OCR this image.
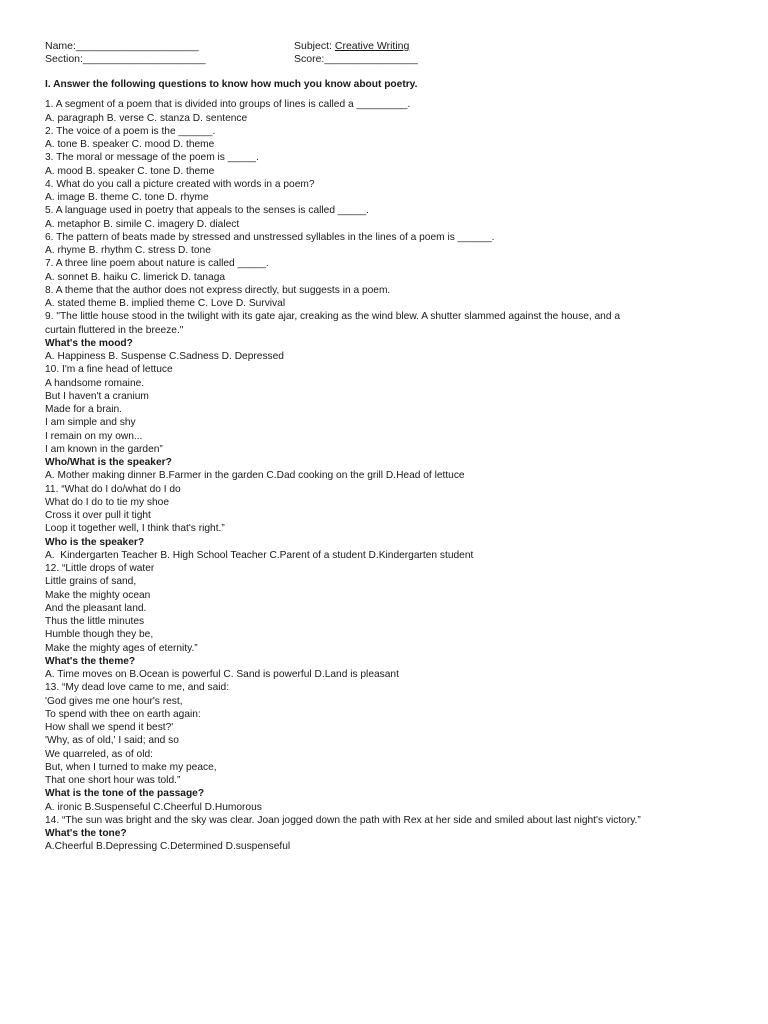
Name:_____________________
Section:_____________________
Subject: Creative Writing
Score:________________
I. Answer the following questions to know how much you know about poetry.
1. A segment of a poem that is divided into groups of lines is called a _________.
A. paragraph B. verse C. stanza D. sentence
2. The voice of a poem is the ______.
A. tone B. speaker C. mood D. theme
3. The moral or message of the poem is _____.
A. mood B. speaker C. tone D. theme
4. What do you call a picture created with words in a poem?
A. image B. theme C. tone D. rhyme
5. A language used in poetry that appeals to the senses is called _____.
A. metaphor B. simile C. imagery D. dialect
6. The pattern of beats made by stressed and unstressed syllables in the lines of a poem is ______.
A. rhyme B. rhythm C. stress D. tone
7. A three line poem about nature is called _____.
A. sonnet B. haiku C. limerick D. tanaga
8. A theme that the author does not express directly, but suggests in a poem.
A. stated theme B. implied theme C. Love D. Survival
9. "The little house stood in the twilight with its gate ajar, creaking as the wind blew. A shutter slammed against the house, and a
curtain fluttered in the breeze."
What's the mood?
A. Happiness B. Suspense C.Sadness D. Depressed
10. I'm a fine head of lettuce
A handsome romaine.
But I haven't a cranium
Made for a brain.
I am simple and shy
I remain on my own...
I am known in the garden”
Who/What is the speaker?
A. Mother making dinner B.Farmer in the garden C.Dad cooking on the grill D.Head of lettuce
11. “What do I do/what do I do
What do I do to tie my shoe
Cross it over pull it tight
Loop it together well, I think that's right.”
Who is the speaker?
A.  Kindergarten Teacher B. High School Teacher C.Parent of a student D.Kindergarten student
12. “Little drops of water
Little grains of sand,
Make the mighty ocean
And the pleasant land.
Thus the little minutes
Humble though they be,
Make the mighty ages of eternity.”
What's the theme?
A. Time moves on B.Ocean is powerful C. Sand is powerful D.Land is pleasant
13. “My dead love came to me, and said:
'God gives me one hour's rest,
To spend with thee on earth again:
How shall we spend it best?'
'Why, as of old,' I said; and so
We quarreled, as of old:
But, when I turned to make my peace,
That one short hour was told.”
What is the tone of the passage?
A. ironic B.Suspenseful C.Cheerful D.Humorous
14. “The sun was bright and the sky was clear. Joan jogged down the path with Rex at her side and smiled about last night's victory.”
What's the tone?
A.Cheerful B.Depressing C.Determined D.suspenseful
